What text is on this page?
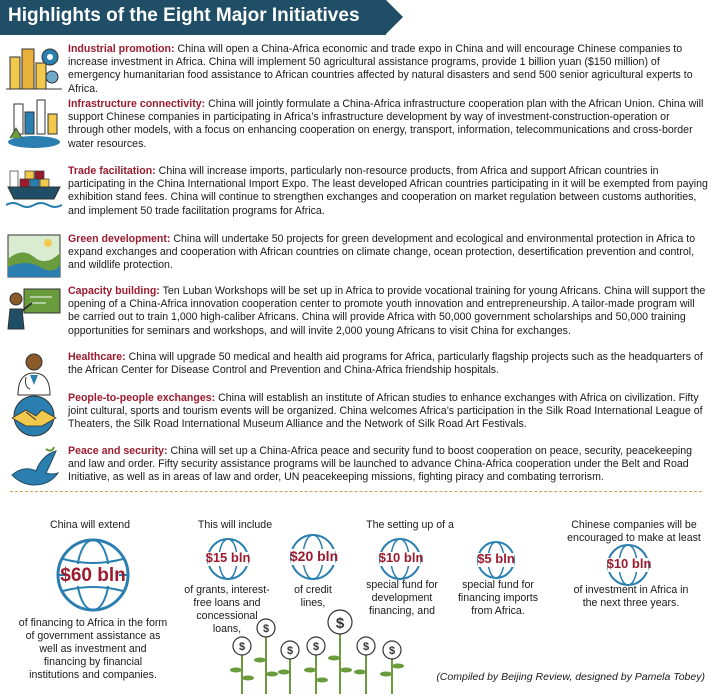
Highlights of the Eight Major Initiatives
Industrial promotion: China will open a China-Africa economic and trade expo in China and will encourage Chinese companies to increase investment in Africa. China will implement 50 agricultural assistance programs, provide 1 billion yuan ($150 million) of emergency humanitarian food assistance to African countries affected by natural disasters and send 500 senior agricultural experts to Africa.
Infrastructure connectivity: China will jointly formulate a China-Africa infrastructure cooperation plan with the African Union. China will support Chinese companies in participating in Africa’s infrastructure development by way of investment-construction-operation or through other models, with a focus on enhancing cooperation on energy, transport, information, telecommunications and cross-border water resources.
Trade facilitation: China will increase imports, particularly non-resource products, from Africa and support African countries in participating in the China International Import Expo. The least developed African countries participating in it will be exempted from paying exhibition stand fees. China will continue to strengthen exchanges and cooperation on market regulation between customs authorities, and implement 50 trade facilitation programs for Africa.
Green development: China will undertake 50 projects for green development and ecological and environmental protection in Africa to expand exchanges and cooperation with African countries on climate change, ocean protection, desertification prevention and control, and wildlife protection.
Capacity building: Ten Luban Workshops will be set up in Africa to provide vocational training for young Africans. China will support the opening of a China-Africa innovation cooperation center to promote youth innovation and entrepreneurship. A tailor-made program will be carried out to train 1,000 high-caliber Africans. China will provide Africa with 50,000 government scholarships and 50,000 training opportunities for seminars and workshops, and will invite 2,000 young Africans to visit China for exchanges.
Healthcare: China will upgrade 50 medical and health aid programs for Africa, particularly flagship projects such as the headquarters of the African Center for Disease Control and Prevention and China-Africa friendship hospitals.
People-to-people exchanges: China will establish an institute of African studies to enhance exchanges with Africa on civilization. Fifty joint cultural, sports and tourism events will be organized. China welcomes Africa’s participation in the Silk Road International League of Theaters, the Silk Road International Museum Alliance and the Network of Silk Road Art Festivals.
Peace and security: China will set up a China-Africa peace and security fund to boost cooperation on peace, security, peacekeeping and law and order. Fifty security assistance programs will be launched to advance China-Africa cooperation under the Belt and Road Initiative, as well as in areas of law and order, UN peacekeeping missions, fighting piracy and combating terrorism.
China will extend
$60 bln
of financing to Africa in the form of government assistance as well as investment and financing by financial institutions and companies.
This will include
$15 bln
of grants, interest-free loans and concessional loans,
$20 bln
of credit lines,
The setting up of a
$10 bln
special fund for development financing, and
$5 bln
special fund for financing imports from Africa.
Chinese companies will be encouraged to make at least
$10 bln
of investment in Africa in the next three years.
$
$
$ $
$
$ $
(Compiled by Beijing Review, designed by Pamela Tobey)
